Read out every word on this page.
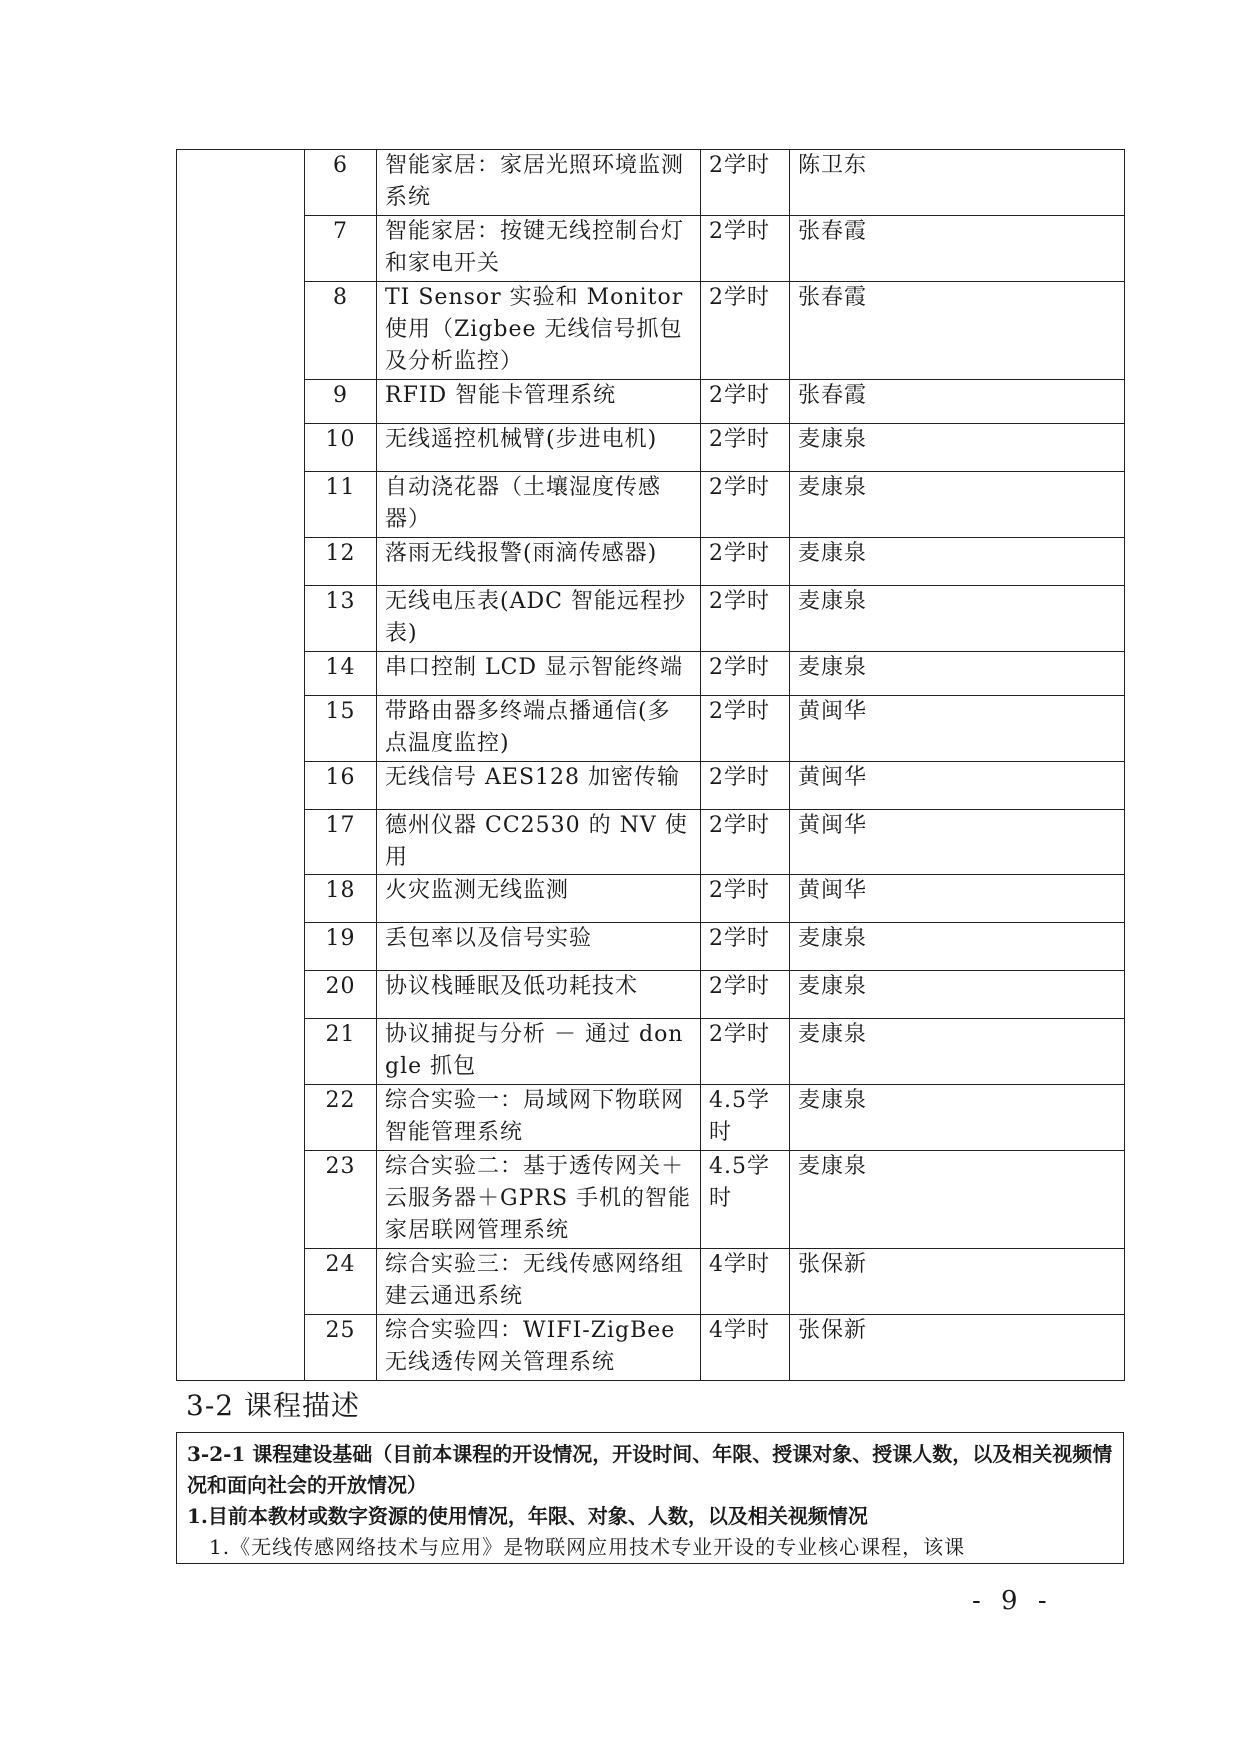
	6	智能家居：家居光照环境监测系统	2学时	陈卫东
	7	智能家居：按键无线控制台灯和家电开关	2学时	张春霞
	8	TI Sensor 实验和 Monitor 使用（Zigbee 无线信号抓包及分析监控）	2学时	张春霞
	9	RFID 智能卡管理系统	2学时	张春霞
	10	无线遥控机械臂(步进电机)	2学时	麦康泉
	11	自动浇花器（土壤湿度传感器）	2学时	麦康泉
	12	落雨无线报警(雨滴传感器)	2学时	麦康泉
	13	无线电压表(ADC 智能远程抄表)	2学时	麦康泉
	14	串口控制 LCD 显示智能终端	2学时	麦康泉
	15	带路由器多终端点播通信(多点温度监控)	2学时	黄闽华
	16	无线信号 AES128 加密传输	2学时	黄闽华
	17	德州仪器 CC2530 的 NV 使用	2学时	黄闽华
	18	火灾监测无线监测	2学时	黄闽华
	19	丢包率以及信号实验	2学时	麦康泉
	20	协议栈睡眠及低功耗技术	2学时	麦康泉
	21	协议捕捉与分析 － 通过 dongle 抓包	2学时	麦康泉
	22	综合实验一：局域网下物联网智能管理系统	4.5学时	麦康泉
	23	综合实验二：基于透传网关＋云服务器＋GPRS 手机的智能家居联网管理系统	4.5学时	麦康泉
	24	综合实验三：无线传感网络组建云通迅系统	4学时	张保新
	25	综合实验四：WIFI-ZigBee 无线透传网关管理系统	4学时	张保新
3-2 课程描述
3-2-1 课程建设基础（目前本课程的开设情况，开设时间、年限、授课对象、授课人数，以及相关视频情况和面向社会的开放情况）
1.目前本教材或数字资源的使用情况，年限、对象、人数，以及相关视频情况
1.《无线传感网络技术与应用》是物联网应用技术专业开设的专业核心课程，该课
- 9 -
